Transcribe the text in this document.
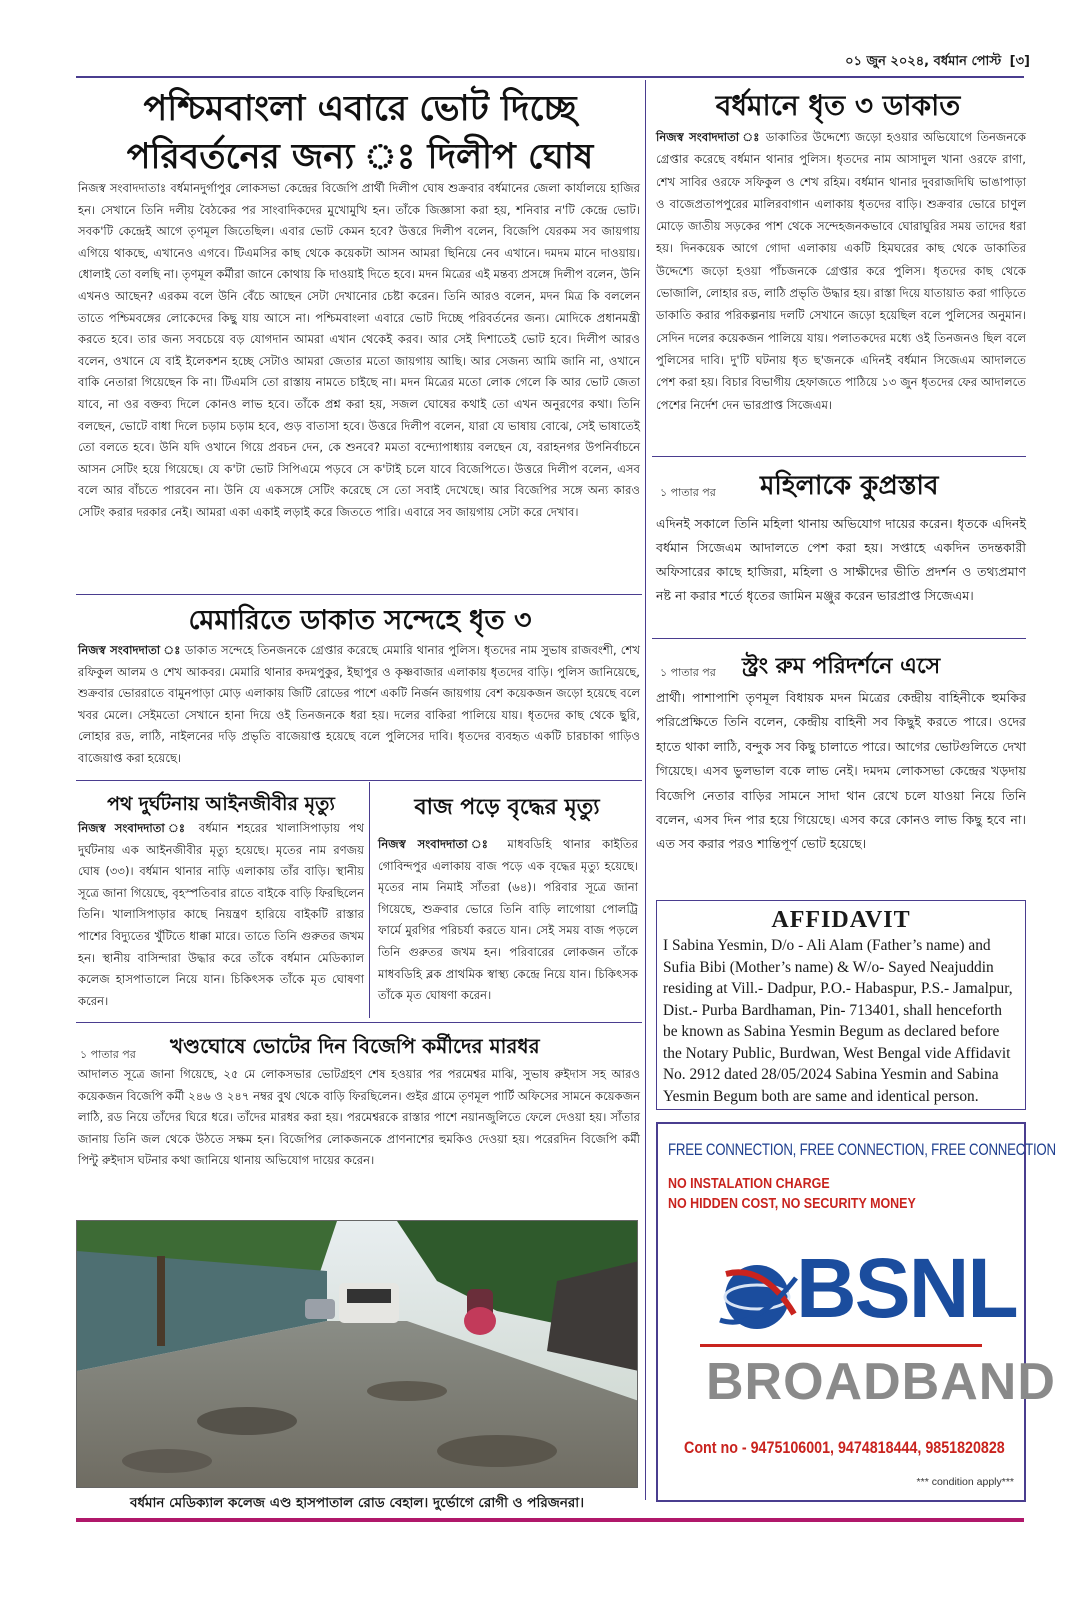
০১ জুন ২০২৪, বর্ধমান পোস্ট [৩]
পশ্চিমবাংলা এবারে ভোট দিচ্ছে
পরিবর্তনের জন্য ঃ দিলীপ ঘোষ

নিজস্ব সংবাদদাতাঃ বর্ধমানদুর্গাপুর লোকসভা কেন্দ্রের বিজেপি প্রার্থী দিলীপ ঘোষ শুক্রবার বর্ধমানের জেলা কার্যালয়ে হাজির হন। সেখানে তিনি দলীয় বৈঠকের পর সাংবাদিকদের মুখোমুখি হন। তাঁকে জিজ্ঞাসা করা হয়, শনিবার ন'টি কেন্দ্রে ভোট। সবক'টি কেন্দ্রেই আগে তৃণমূল জিতেছিল। এবার ভোট কেমন হবে? উত্তরে দিলীপ বলেন, বিজেপি যেরকম সব জায়গায় এগিয়ে থাকছে, এখানেও এগবে। টিএমসির কাছ থেকে কয়েকটা আসন আমরা ছিনিয়ে নেব এখানে। দমদম মানে দাওয়ায়। ধোলাই তো বলছি না। তৃণমূল কর্মীরা জানে কোথায় কি দাওয়াই দিতে হবে। মদন মিত্রের এই মন্তব্য প্রসঙ্গে দিলীপ বলেন, উনি এখনও আছেন? এরকম বলে উনি বেঁচে আছেন সেটা দেখানোর চেষ্টা করেন। তিনি আরও বলেন, মদন মিত্র কি বললেন তাতে পশ্চিমবঙ্গের লোকেদের কিছু যায় আসে না। পশ্চিমবাংলা এবারে ভোট দিচ্ছে পরিবর্তনের জন্য। মোদিকে প্রধানমন্ত্রী করতে হবে। তার জন্য সবচেয়ে বড় যোগদান আমরা এখান থেকেই করব। আর সেই দিশাতেই ভোট হবে। দিলীপ আরও বলেন, ওখানে যে বাই ইলেকশন হচ্ছে সেটাও আমরা জেতার মতো জায়গায় আছি। আর সেজন্য আমি জানি না, ওখানে বাকি নেতারা গিয়েছেন কি না। টিএমসি তো রাস্তায় নামতে চাইছে না। মদন মিত্রের মতো লোক গেলে কি আর ভোট জেতা যাবে, না ওর বক্তব্য দিলে কোনও লাভ হবে। তাঁকে প্রশ্ন করা হয়, সজল ঘোষের কথাই তো এখন অনুরণের কথা। তিনি বলছেন, ভোটে বাধা দিলে চড়াম চড়াম হবে, গুড় বাতাসা হবে। উত্তরে দিলীপ বলেন, যারা যে ভাষায় বোঝে, সেই ভাষাতেই তো বলতে হবে। উনি যদি ওখানে গিয়ে প্রবচন দেন, কে শুনবে? মমতা বন্দ্যোপাধ্যায় বলছেন যে, বরাহনগর উপনির্বাচনে আসন সেটিং হয়ে গিয়েছে। যে ক'টা ভোট সিপিএমে পড়বে সে ক'টাই চলে যাবে বিজেপিতে। উত্তরে দিলীপ বলেন, এসব বলে আর বাঁচতে পারবেন না। উনি যে একসঙ্গে সেটিং করেছে সে তো সবাই দেখেছে। আর বিজেপির সঙ্গে অন্য কারও সেটিং করার দরকার নেই। আমরা একা একাই লড়াই করে জিততে পারি। এবারে সব জায়গায় সেটা করে দেখাব।

মেমারিতে ডাকাত সন্দেহে ধৃত ৩

নিজস্ব সংবাদদাতা ঃ ডাকাত সন্দেহে তিনজনকে গ্রেপ্তার করেছে মেমারি থানার পুলিস। ধৃতদের নাম সুভাষ রাজবংশী, শেখ রফিকুল আলম ও শেখ আকবর। মেমারি থানার কদমপুকুর, ইছাপুর ও কৃষ্ণবাজার এলাকায় ধৃতদের বাড়ি। পুলিস জানিয়েছে, শুক্রবার ভোররাতে বামুনপাড়া মোড় এলাকায় জিটি রোডের পাশে একটি নির্জন জায়গায় বেশ কয়েকজন জড়ো হয়েছে বলে খবর মেলে। সেইমতো সেখানে হানা দিয়ে ওই তিনজনকে ধরা হয়। দলের বাকিরা পালিয়ে যায়। ধৃতদের কাছ থেকে ছুরি, লোহার রড, লাঠি, নাইলনের দড়ি প্রভৃতি বাজেয়াপ্ত হয়েছে বলে পুলিসের দাবি। ধৃতদের ব্যবহৃত একটি চারচাকা গাড়িও বাজেয়াপ্ত করা হয়েছে।

পথ দুর্ঘটনায় আইনজীবীর মৃত্যু

নিজস্ব সংবাদদাতা ঃ বর্ধমান শহরের খালাসিপাড়ায় পথ দুর্ঘটনায় এক আইনজীবীর মৃত্যু হয়েছে। মৃতের নাম রণজয় ঘোষ (৩৩)। বর্ধমান থানার নাড়ি এলাকায় তাঁর বাড়ি। স্থানীয় সূত্রে জানা গিয়েছে, বৃহস্পতিবার রাতে বাইকে বাড়ি ফিরছিলেন তিনি। খালাসিপাড়ার কাছে নিয়ন্ত্রণ হারিয়ে বাইকটি রাস্তার পাশের বিদ্যুতের খুঁটিতে ধাক্কা মারে। তাতে তিনি গুরুতর জখম হন। স্থানীয় বাসিন্দারা উদ্ধার করে তাঁকে বর্ধমান মেডিক্যাল কলেজ হাসপাতালে নিয়ে যান। চিকিৎসক তাঁকে মৃত ঘোষণা করেন।

বাজ পড়ে বৃদ্ধের মৃত্যু

নিজস্ব সংবাদদাতা ঃ মাধবডিহি থানার কাইতির গোবিন্দপুর এলাকায় বাজ পড়ে এক বৃদ্ধের মৃত্যু হয়েছে। মৃতের নাম নিমাই সাঁতরা (৬৪)। পরিবার সূত্রে জানা গিয়েছে, শুক্রবার ভোরে তিনি বাড়ি লাগোয়া পোলট্রি ফার্মে মুরগির পরিচর্যা করতে যান। সেই সময় বাজ পড়লে তিনি গুরুতর জখম হন। পরিবারের লোকজন তাঁকে মাধবডিহি ব্লক প্রাথমিক স্বাস্থ্য কেন্দ্রে নিয়ে যান। চিকিৎসক তাঁকে মৃত ঘোষণা করেন।

১ পাতার পর খণ্ডঘোষে ভোটের দিন বিজেপি কর্মীদের মারধর

আদালত সূত্রে জানা গিয়েছে, ২৫ মে লোকসভার ভোটগ্রহণ শেষ হওয়ার পর পরমেশ্বর মাঝি, সুভাষ রুইদাস সহ আরও কয়েকজন বিজেপি কর্মী ২৪৬ ও ২৪৭ নম্বর বুথ থেকে বাড়ি ফিরছিলেন। গুইর গ্রামে তৃণমূল পার্টি অফিসের সামনে কয়েকজন লাঠি, রড নিয়ে তাঁদের ঘিরে ধরে। তাঁদের মারধর করা হয়। পরমেশ্বরকে রাস্তার পাশে নয়ানজুলিতে ফেলে দেওয়া হয়। সাঁতার জানায় তিনি জল থেকে উঠতে সক্ষম হন। বিজেপির লোকজনকে প্রাণনাশের হুমকিও দেওয়া হয়। পরেরদিন বিজেপি কর্মী পিন্টু রুইদাস ঘটনার কথা জানিয়ে থানায় অভিযোগ দায়ের করেন।

বর্ধমান মেডিক্যাল কলেজ এণ্ড হাসপাতাল রোড বেহাল। দুর্ভোগে রোগী ও পরিজনরা।
বর্ধমানে ধৃত ৩ ডাকাত

নিজস্ব সংবাদদাতা ঃ ডাকাতির উদ্দেশ্যে জড়ো হওয়ার অভিযোগে তিনজনকে গ্রেপ্তার করেছে বর্ধমান থানার পুলিস। ধৃতদের নাম আসাদুল খানা ওরফে রাণা, শেখ সাবির ওরফে সফিকুল ও শেখ রহিম। বর্ধমান থানার দুবরাজদিঘি ভাঙাপাড়া ও বাজেপ্রতাপপুরের মালিরবাগান এলাকায় ধৃতদের বাড়ি। শুক্রবার ভোরে চাণুল মোড়ে জাতীয় সড়কের পাশ থেকে সন্দেহজনকভাবে ঘোরাঘুরির সময় তাদের ধরা হয়। দিনকয়েক আগে গোদা এলাকায় একটি হিমঘরের কাছ থেকে ডাকাতির উদ্দেশ্যে জড়ো হওয়া পাঁচজনকে গ্রেপ্তার করে পুলিস। ধৃতদের কাছ থেকে ভোজালি, লোহার রড, লাঠি প্রভৃতি উদ্ধার হয়। রাস্তা দিয়ে যাতায়াত করা গাড়িতে ডাকাতি করার পরিকল্পনায় দলটি সেখানে জড়ো হয়েছিল বলে পুলিসের অনুমান। সেদিন দলের কয়েকজন পালিয়ে যায়। পলাতকদের মধ্যে ওই তিনজনও ছিল বলে পুলিসের দাবি। দু'টি ঘটনায় ধৃত ছ'জনকে এদিনই বর্ধমান সিজেএম আদালতে পেশ করা হয়। বিচার বিভাগীয় হেফাজতে পাঠিয়ে ১৩ জুন ধৃতদের ফের আদালতে পেশের নির্দেশ দেন ভারপ্রাপ্ত সিজেএম।

১ পাতার পর মহিলাকে কুপ্রস্তাব

এদিনই সকালে তিনি মহিলা থানায় অভিযোগ দায়ের করেন। ধৃতকে এদিনই বর্ধমান সিজেএম আদালতে পেশ করা হয়। সপ্তাহে একদিন তদন্তকারী অফিসারের কাছে হাজিরা, মহিলা ও সাক্ষীদের ভীতি প্রদর্শন ও তথ্যপ্রমাণ নষ্ট না করার শর্তে ধৃতের জামিন মঞ্জুর করেন ভারপ্রাপ্ত সিজেএম।

১ পাতার পর স্ট্রং রুম পরিদর্শনে এসে

প্রার্থী। পাশাপাশি তৃণমূল বিধায়ক মদন মিত্রের কেন্দ্রীয় বাহিনীকে হুমকির পরিপ্রেক্ষিতে তিনি বলেন, কেন্দ্রীয় বাহিনী সব কিছুই করতে পারে। ওদের হাতে থাকা লাঠি, বন্দুক সব কিছু চালাতে পারে। আগের ভোটগুলিতে দেখা গিয়েছে। এসব ভুলভাল বকে লাভ নেই। দমদম লোকসভা কেন্দ্রের খড়দায় বিজেপি নেতার বাড়ির সামনে সাদা থান রেখে চলে যাওয়া নিয়ে তিনি বলেন, এসব দিন পার হয়ে গিয়েছে। এসব করে কোনও লাভ কিছু হবে না। এত সব করার পরও শান্তিপূর্ণ ভোট হয়েছে।

AFFIDAVIT

I Sabina Yesmin, D/o - Ali Alam (Father’s name) and Sufia Bibi (Mother’s name) & W/o- Sayed Neajuddin residing at Vill.- Dadpur, P.O.- Habaspur, P.S.- Jamalpur, Dist.- Purba Bardhaman, Pin- 713401, shall henceforth be known as Sabina Yesmin Begum as declared before the Notary Public, Burdwan, West Bengal vide Affidavit No. 2912 dated 28/05/2024 Sabina Yesmin and Sabina Yesmin Begum both are same and identical person.

FREE CONNECTION, FREE CONNECTION, FREE CONNECTION
NO INSTALATION CHARGE
NO HIDDEN COST, NO SECURITY MONEY
BSNL
BROADBAND
Cont no - 9475106001, 9474818444, 9851820828
*** condition apply***
